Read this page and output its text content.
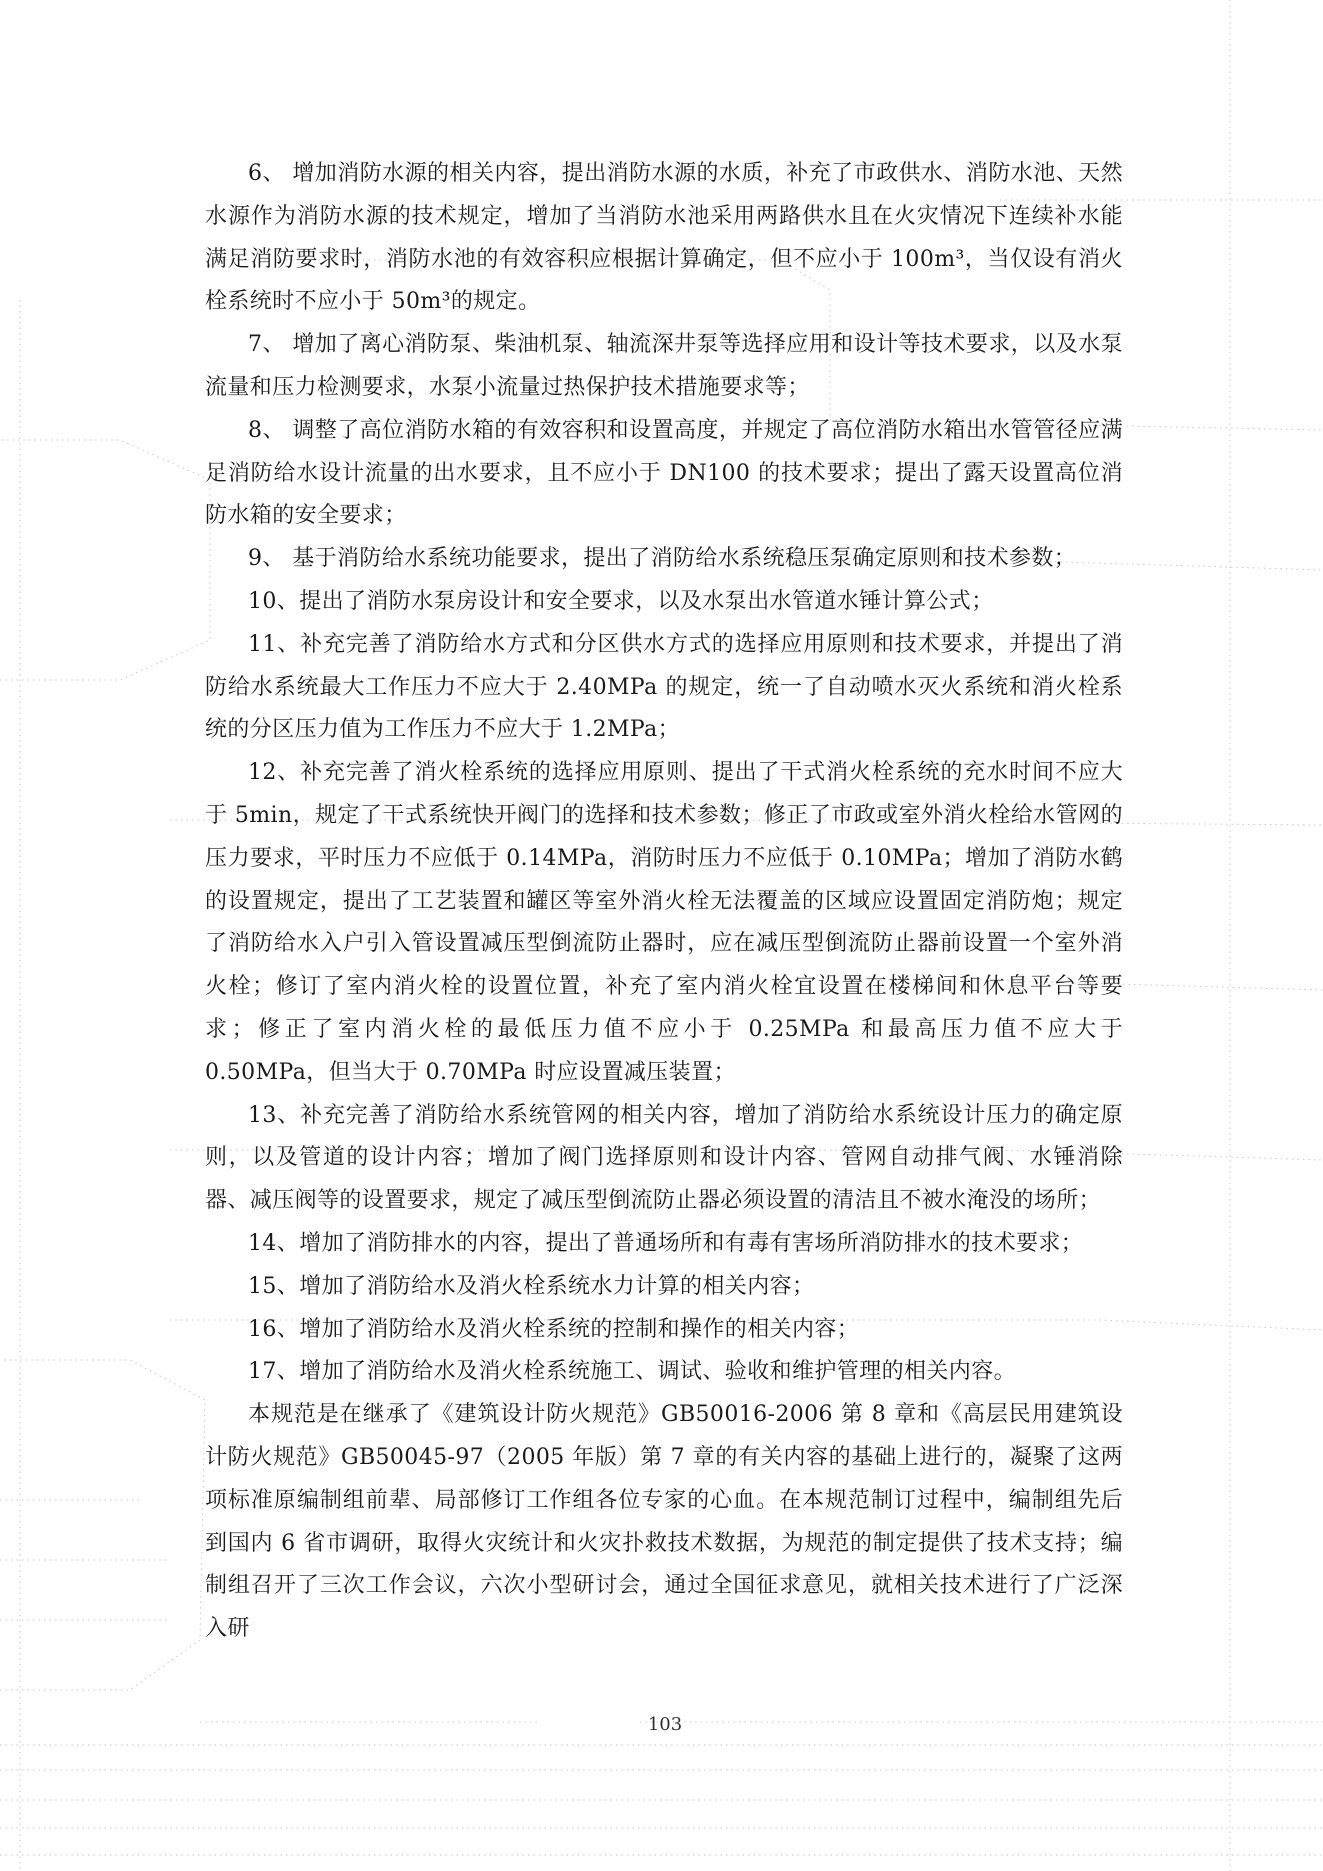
6、 增加消防水源的相关内容，提出消防水源的水质，补充了市政供水、消防水池、天然水源作为消防水源的技术规定，增加了当消防水池采用两路供水且在火灾情况下连续补水能满足消防要求时，消防水池的有效容积应根据计算确定，但不应小于 100m³，当仅设有消火栓系统时不应小于 50m³的规定。

7、 增加了离心消防泵、柴油机泵、轴流深井泵等选择应用和设计等技术要求，以及水泵流量和压力检测要求，水泵小流量过热保护技术措施要求等；

8、 调整了高位消防水箱的有效容积和设置高度，并规定了高位消防水箱出水管管径应满足消防给水设计流量的出水要求，且不应小于 DN100 的技术要求；提出了露天设置高位消防水箱的安全要求；

9、 基于消防给水系统功能要求，提出了消防给水系统稳压泵确定原则和技术参数；

10、提出了消防水泵房设计和安全要求，以及水泵出水管道水锤计算公式；

11、补充完善了消防给水方式和分区供水方式的选择应用原则和技术要求，并提出了消防给水系统最大工作压力不应大于 2.40MPa 的规定，统一了自动喷水灭火系统和消火栓系统的分区压力值为工作压力不应大于 1.2MPa；

12、补充完善了消火栓系统的选择应用原则、提出了干式消火栓系统的充水时间不应大于 5min，规定了干式系统快开阀门的选择和技术参数；修正了市政或室外消火栓给水管网的压力要求，平时压力不应低于 0.14MPa，消防时压力不应低于 0.10MPa；增加了消防水鹤的设置规定，提出了工艺装置和罐区等室外消火栓无法覆盖的区域应设置固定消防炮；规定了消防给水入户引入管设置减压型倒流防止器时，应在减压型倒流防止器前设置一个室外消火栓；修订了室内消火栓的设置位置，补充了室内消火栓宜设置在楼梯间和休息平台等要求；修正了室内消火栓的最低压力值不应小于 0.25MPa 和最高压力值不应大于 0.50MPa，但当大于 0.70MPa 时应设置减压装置；

13、补充完善了消防给水系统管网的相关内容，增加了消防给水系统设计压力的确定原则，以及管道的设计内容；增加了阀门选择原则和设计内容、管网自动排气阀、水锤消除器、减压阀等的设置要求，规定了减压型倒流防止器必须设置的清洁且不被水淹没的场所；

14、增加了消防排水的内容，提出了普通场所和有毒有害场所消防排水的技术要求；

15、增加了消防给水及消火栓系统水力计算的相关内容；

16、增加了消防给水及消火栓系统的控制和操作的相关内容；

17、增加了消防给水及消火栓系统施工、调试、验收和维护管理的相关内容。

本规范是在继承了《建筑设计防火规范》GB50016-2006 第 8 章和《高层民用建筑设计防火规范》GB50045-97（2005 年版）第 7 章的有关内容的基础上进行的，凝聚了这两项标准原编制组前辈、局部修订工作组各位专家的心血。在本规范制订过程中，编制组先后到国内 6 省市调研，取得火灾统计和火灾扑救技术数据，为规范的制定提供了技术支持；编制组召开了三次工作会议，六次小型研讨会，通过全国征求意见，就相关技术进行了广泛深入研

103
